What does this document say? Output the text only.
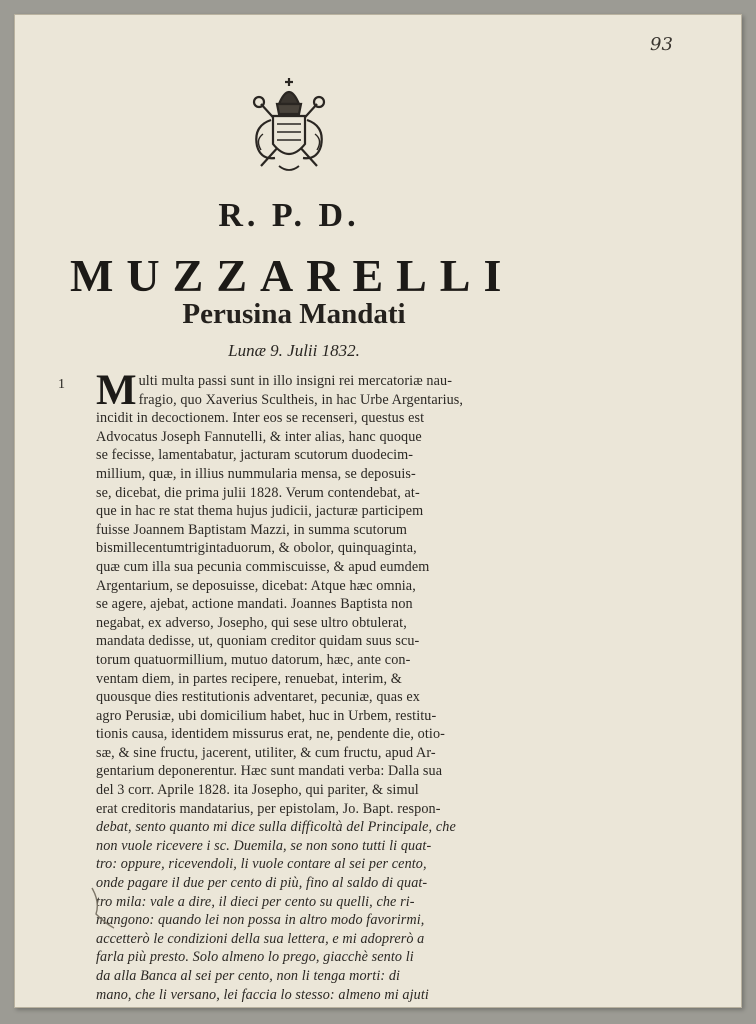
93
R. P. D.
MUZZARELLI
Perusina Mandati
Lunæ 9. Julii 1832.
1 M ulti multa passi sunt in illo insigni rei mercatoriæ nau-
fragio, quo Xaverius Scultheis, in hac Urbe Argentarius,
incidit in decoctionem. Inter eos se recenseri, questus est
Advocatus Joseph Fannutelli, & inter alias, hanc quoque
se fecisse, lamentabatur, jacturam scutorum duodecim-
millium, quæ, in illius nummularia mensa, se deposuis-
se, dicebat, die prima julii 1828. Verum contendebat, at-
que in hac re stat thema hujus judicii, jacturæ participem
fuisse Joannem Baptistam Mazzi, in summa scutorum
bismillecentumtrigintaduorum, & obolor, quinquaginta,
quæ cum illa sua pecunia commiscuisse, & apud eumdem
Argentarium, se deposuisse, dicebat: Atque hæc omnia,
se agere, ajebat, actione mandati. Joannes Baptista non
negabat, ex adverso, Josepho, qui sese ultro obtulerat,
mandata dedisse, ut, quoniam creditor quidam suus scu-
torum quatuormillium, mutuo datorum, hæc, ante con-
ventam diem, in partes recipere, renuebat, interim, &
quousque dies restitutionis adventaret, pecuniæ, quas ex
agro Perusiæ, ubi domicilium habet, huc in Urbem, restitu-
tionis causa, identidem missurus erat, ne, pendente die, otio-
sæ, & sine fructu, jacerent, utiliter, & cum fructu, apud Ar-
gentarium deponerentur. Hæc sunt mandati verba: Dalla sua
del 3 corr. Aprile 1828. ita Josepho, qui pariter, & simul
erat creditoris mandatarius, per epistolam, Jo. Bapt. respon-
debat, sento quanto mi dice sulla difficoltà del Principale, che
non vuole ricevere i sc. Duemila, se non sono tutti li quat-
tro: oppure, ricevendoli, li vuole contare al sei per cento,
onde pagare il due per cento di più, fino al saldo di quat-
tro mila: vale a dire, il dieci per cento su quelli, che ri-
mangono: quando lei non possa in altro modo favorirmi,
accetterò le condizioni della sua lettera, e mi adoprerò a
farla più presto. Solo almeno lo prego, giacchè sento li
da alla Banca al sei per cento, non li tenga morti: di
mano, che li versano, lei faccia lo stesso: almeno mi ajuti
